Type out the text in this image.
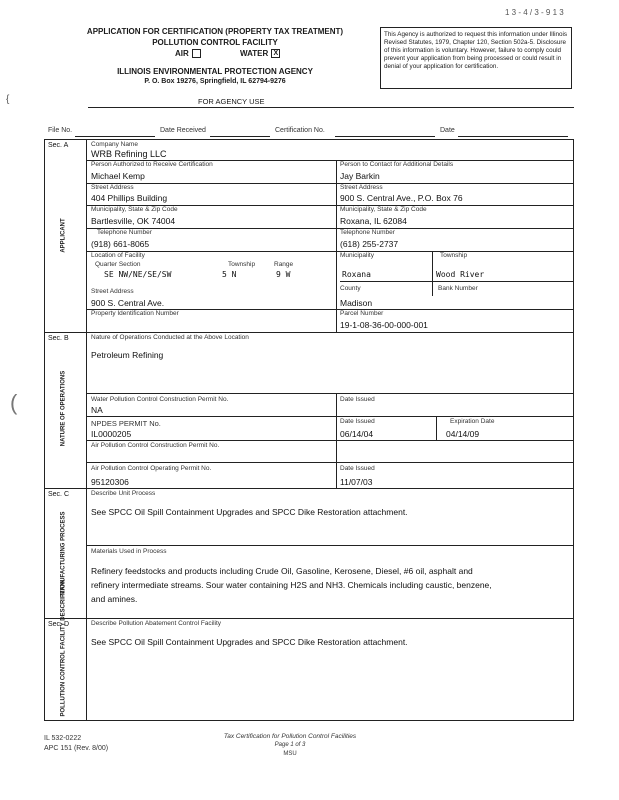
1 3 - 4 / 3 - 9 1 3
APPLICATION FOR CERTIFICATION (PROPERTY TAX TREATMENT)
POLLUTION CONTROL FACILITY
AIR	WATER X
ILLINOIS ENVIRONMENTAL PROTECTION AGENCY
P. O. Box 19276, Springfield, IL 62794-9276
This Agency is authorized to request this information under Illinois Revised Statutes, 1979, Chapter 120, Section 502a-5. Disclosure of this information is voluntary. However, failure to comply could prevent your application from being processed or could result in denial of your application for certification.
FOR AGENCY USE
File No.	Date Received	Certification No.	Date
Sec. A
APPLICANT
Company Name
WRB Refining LLC
Person Authorized to Receive Certification
Michael Kemp
Person to Contact for Additional Details
Jay Barkin
Street Address
404 Phillips Building
Street Address
900 S. Central Ave., P.O. Box 76
Municipality, State & Zip Code
Bartlesville, OK 74004
Municipality, State & Zip Code
Roxana, IL 62084
Telephone Number
(918) 661-8065
Telephone Number
(618) 255-2737
Location of Facility
Quarter Section
SE NW/NE/SE/SW
Township
5 N
Range
9 W
Municipality
Roxana
Township
Wood River
Street Address
900 S. Central Ave.
County
Madison
Bank Number
Property Identification Number	Parcel Number
19-1-08-36-00-000-001
Sec. B
NATURE OF OPERATIONS
Nature of Operations Conducted at the Above Location
Petroleum Refining
Water Pollution Control Construction Permit No.
NA
Date Issued
NPDES PERMIT No.
IL0000205
Date Issued
06/14/04
Expiration Date
04/14/09
Air Pollution Control Construction Permit No.
Air Pollution Control Operating Permit No.
95120306
Date Issued
11/07/03
Sec. C
MANUFACTURING PROCESS
Describe Unit Process
See SPCC Oil Spill Containment Upgrades and SPCC Dike Restoration attachment.
Materials Used in Process
Refinery feedstocks and products including Crude Oil, Gasoline, Kerosene, Diesel, #6 oil, asphalt and
refinery intermediate streams. Sour water containing H2S and NH3. Chemicals including caustic, benzene,
and amines.
Sec. D
POLLUTION CONTROL FACILITY DESCRIPTION	Describe Pollution Abatement Control Facility
See SPCC Oil Spill Containment Upgrades and SPCC Dike Restoration attachment.
IL 532-0222
APC 151 (Rev. 8/00)
Tax Certification for Pollution Control Facilities
Page 1 of 3
MSU
{
(
